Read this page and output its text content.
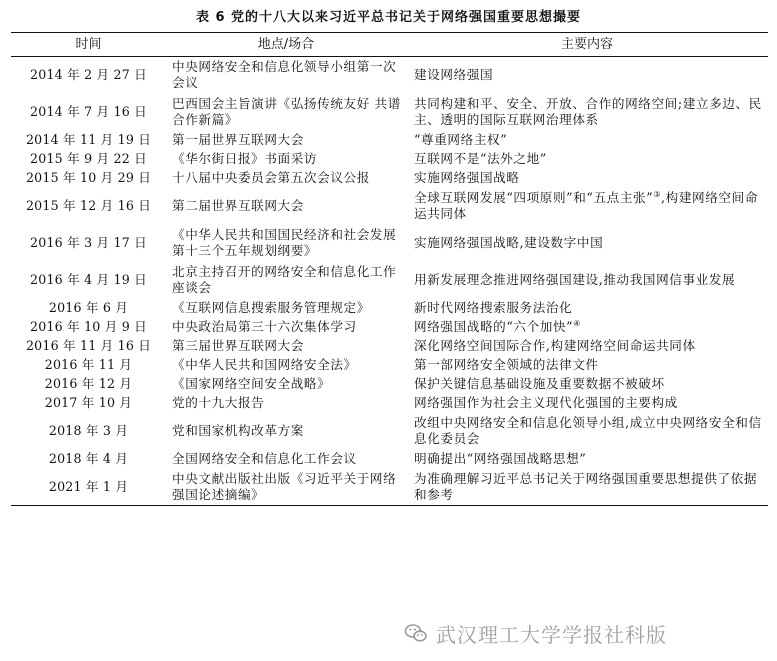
表 6 党的十八大以来习近平总书记关于网络强国重要思想撮要
时间	地点/场合	主要内容
2014 年 2 月 27 日	中央网络安全和信息化领导小组第一次会议	建设网络强国
2014 年 7 月 16 日	巴西国会主旨演讲《弘扬传统友好 共谱合作新篇》	共同构建和平、安全、开放、合作的网络空间;建立多边、民主、透明的国际互联网治理体系
2014 年 11 月 19 日	第一届世界互联网大会	“尊重网络主权”
2015 年 9 月 22 日	《华尔街日报》书面采访	互联网不是“法外之地”
2015 年 10 月 29 日	十八届中央委员会第五次会议公报	实施网络强国战略
2015 年 12 月 16 日	第二届世界互联网大会	全球互联网发展“四项原则”和“五点主张”③,构建网络空间命运共同体
2016 年 3 月 17 日	《中华人民共和国国民经济和社会发展第十三个五年规划纲要》	实施网络强国战略,建设数字中国
2016 年 4 月 19 日	北京主持召开的网络安全和信息化工作座谈会	用新发展理念推进网络强国建设,推动我国网信事业发展
2016 年 6 月	《互联网信息搜索服务管理规定》	新时代网络搜索服务法治化
2016 年 10 月 9 日	中央政治局第三十六次集体学习	网络强国战略的“六个加快”④
2016 年 11 月 16 日	第三届世界互联网大会	深化网络空间国际合作,构建网络空间命运共同体
2016 年 11 月	《中华人民共和国网络安全法》	第一部网络安全领域的法律文件
2016 年 12 月	《国家网络空间安全战略》	保护关键信息基础设施及重要数据不被破坏
2017 年 10 月	党的十九大报告	网络强国作为社会主义现代化强国的主要构成
2018 年 3 月	党和国家机构改革方案	改组中央网络安全和信息化领导小组,成立中央网络安全和信息化委员会
2018 年 4 月	全国网络安全和信息化工作会议	明确提出“网络强国战略思想”
2021 年 1 月	中央文献出版社出版《习近平关于网络强国论述摘编》	为准确理解习近平总书记关于网络强国重要思想提供了依据和参考
武汉理工大学学报社科版
